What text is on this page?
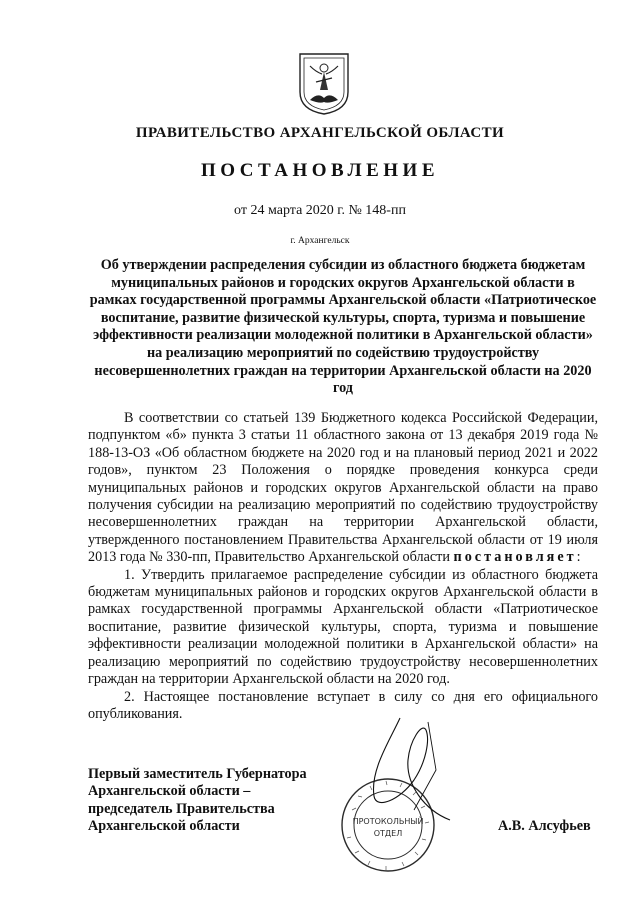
ПРАВИТЕЛЬСТВО АРХАНГЕЛЬСКОЙ ОБЛАСТИ
ПОСТАНОВЛЕНИЕ
от 24 марта 2020 г. № 148-пп
г. Архангельск
Об утверждении распределения субсидии из областного бюджета бюджетам муниципальных районов и городских округов Архангельской области в рамках государственной программы Архангельской области «Патриотическое воспитание, развитие физической культуры, спорта, туризма и повышение эффективности реализации молодежной политики в Архангельской области» на реализацию мероприятий по содействию трудоустройству несовершеннолетних граждан на территории Архангельской области на 2020 год

В соответствии со статьей 139 Бюджетного кодекса Российской Федерации, подпунктом «б» пункта 3 статьи 11 областного закона от 13 декабря 2019 года № 188-13-ОЗ «Об областном бюджете на 2020 год и на плановый период 2021 и 2022 годов», пунктом 23 Положения о порядке проведения конкурса среди муниципальных районов и городских округов Архангельской области на право получения субсидии на реализацию мероприятий по содействию трудоустройству несовершеннолетних граждан на территории Архангельской области, утвержденного постановлением Правительства Архангельской области от 19 июля 2013 года № 330-пп, Правительство Архангельской области постановляет:

1. Утвердить прилагаемое распределение субсидии из областного бюджета бюджетам муниципальных районов и городских округов Архангельской области в рамках государственной программы Архангельской области «Патриотическое воспитание, развитие физической культуры, спорта, туризма и повышение эффективности реализации молодежной политики в Архангельской области» на реализацию мероприятий по содействию трудоустройству несовершеннолетних граждан на территории Архангельской области на 2020 год.

2. Настоящее постановление вступает в силу со дня его официального опубликования.

ПРОТОКОЛЬНЫЙ
ОТДЕЛ
Первый заместитель Губернатора
Архангельской области –
председатель Правительства
Архангельской области	А.В. Алсуфьев
